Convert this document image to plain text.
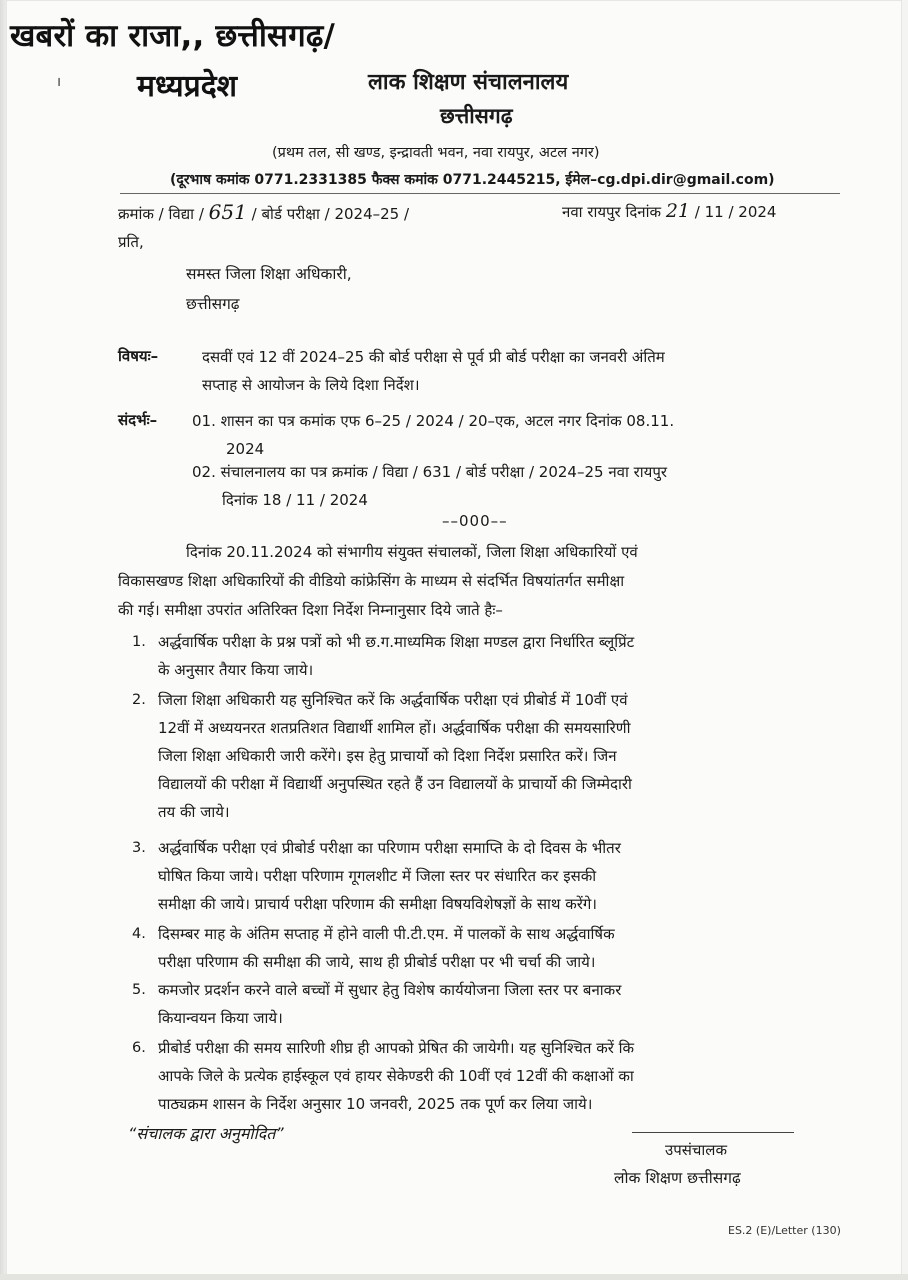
खबरों का राजा,, छत्तीसगढ़/
मध्यप्रदेश
।	लाक शिक्षण संचालनालय
छत्तीसगढ़
(प्रथम तल, सी खण्ड, इन्द्रावती भवन, नवा रायपुर, अटल नगर)
(दूरभाष कमांक 0771.2331385 फैक्स कमांक 0771.2445215, ईमेल–cg.dpi.dir@gmail.com)
क्रमांक / विद्या / 651 / बोर्ड परीक्षा / 2024–25 /	नवा रायपुर दिनांक 21 / 11 / 2024
प्रति,
समस्त जिला शिक्षा अधिकारी,
छत्तीसगढ़
विषयः–	दसवीं एवं 12 वीं 2024–25 की बोर्ड परीक्षा से पूर्व प्री बोर्ड परीक्षा का जनवरी अंतिम
सप्ताह से आयोजन के लिये दिशा निर्देश।
संदर्भः– 01. शासन का पत्र कमांक एफ 6–25 / 2024 / 20–एक, अटल नगर दिनांक 08.11.
2024
02. संचालनालय का पत्र क्रमांक / विद्या / 631 / बोर्ड परीक्षा / 2024–25 नवा रायपुर
दिनांक 18 / 11 / 2024
––000––
दिनांक 20.11.2024 को संभागीय संयुक्त संचालकों, जिला शिक्षा अधिकारियों एवं
विकासखण्ड शिक्षा अधिकारियों की वीडियो कांफ्रेसिंग के माध्यम से संदर्भित विषयांतर्गत समीक्षा
की गई। समीक्षा उपरांत अतिरिक्त दिशा निर्देश निम्नानुसार दिये जाते हैः–
1. अर्द्धवार्षिक परीक्षा के प्रश्न पत्रों को भी छ.ग.माध्यमिक शिक्षा मण्डल द्वारा निर्धारित ब्लूप्रिंट
के अनुसार तैयार किया जाये।
2. जिला शिक्षा अधिकारी यह सुनिश्चित करें कि अर्द्धवार्षिक परीक्षा एवं प्रीबोर्ड में 10वीं एवं
12वीं में अध्ययनरत शतप्रतिशत विद्यार्थी शामिल हों। अर्द्धवार्षिक परीक्षा की समयसारिणी
जिला शिक्षा अधिकारी जारी करेंगे। इस हेतु प्राचार्यो को दिशा निर्देश प्रसारित करें। जिन
विद्यालयों की परीक्षा में विद्यार्थी अनुपस्थित रहते हैं उन विद्यालयों के प्राचार्यो की जिम्मेदारी
तय की जाये।
3. अर्द्धवार्षिक परीक्षा एवं प्रीबोर्ड परीक्षा का परिणाम परीक्षा समाप्ति के दो दिवस के भीतर
घोषित किया जाये। परीक्षा परिणाम गूगलशीट में जिला स्तर पर संधारित कर इसकी
समीक्षा की जाये। प्राचार्य परीक्षा परिणाम की समीक्षा विषयविशेषज्ञों के साथ करेंगे।
4. दिसम्बर माह के अंतिम सप्ताह में होने वाली पी.टी.एम. में पालकों के साथ अर्द्धवार्षिक
परीक्षा परिणाम की समीक्षा की जाये, साथ ही प्रीबोर्ड परीक्षा पर भी चर्चा की जाये।
5. कमजोर प्रदर्शन करने वाले बच्चों में सुधार हेतु विशेष कार्ययोजना जिला स्तर पर बनाकर
कियान्वयन किया जाये।
6. प्रीबोर्ड परीक्षा की समय सारिणी शीघ्र ही आपको प्रेषित की जायेगी। यह सुनिश्चित करें कि
आपके जिले के प्रत्येक हाईस्कूल एवं हायर सेकेण्डरी की 10वीं एवं 12वीं की कक्षाओं का
पाठ्यक्रम शासन के निर्देश अनुसार 10 जनवरी, 2025 तक पूर्ण कर लिया जाये।
“संचालक द्वारा अनुमोदित”
उपसंचालक
लोक शिक्षण छत्तीसगढ़
ES.2 (E)/Letter (130)
